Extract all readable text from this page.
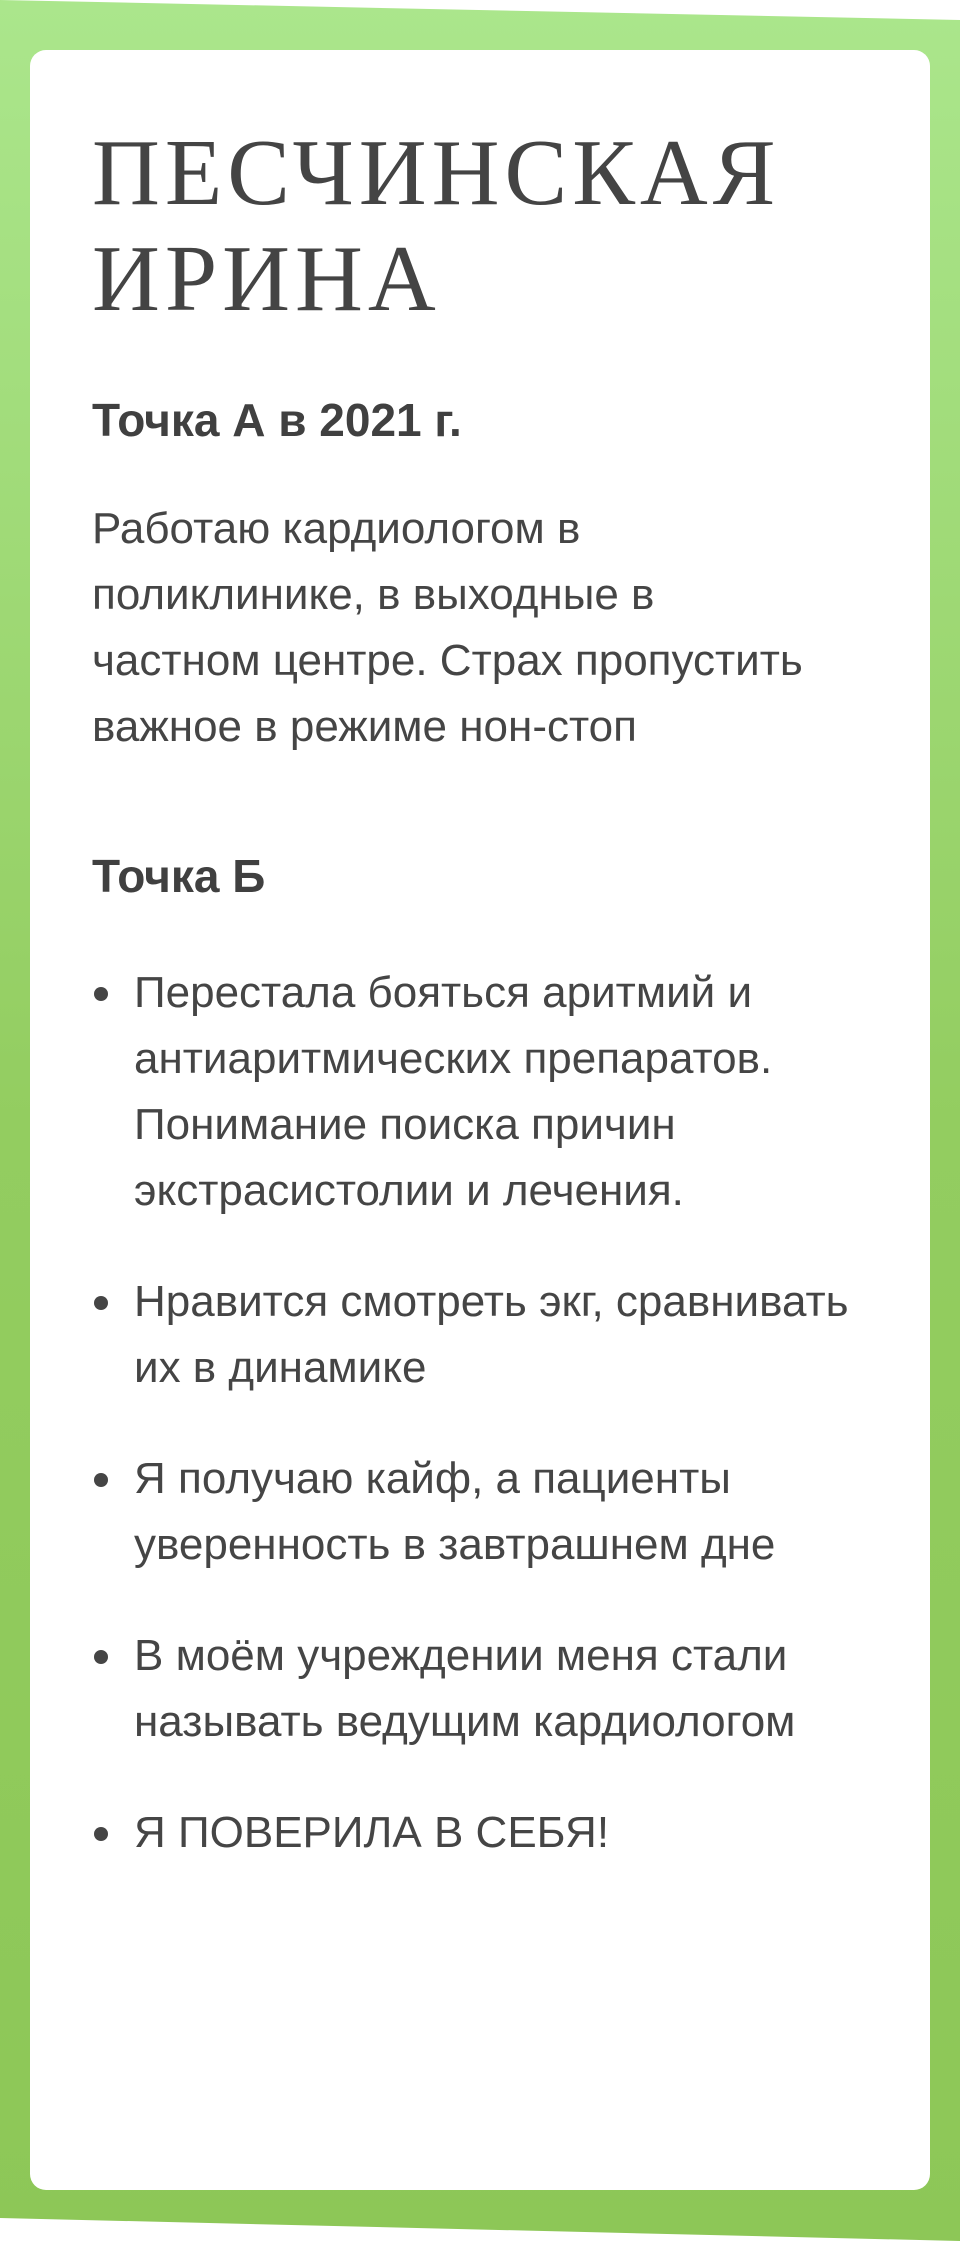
ПЕСЧИНСКАЯ ИРИНА
Точка А в 2021 г.

Работаю кардиологом в поликлинике, в выходные в частном центре. Страх пропустить важное в режиме нон-стоп

Точка Б
Перестала бояться аритмий и антиаритмических препаратов. Понимание поиска причин экстрасистолии и лечения.
Нравится смотреть экг, сравнивать их в динамике
Я получаю кайф, а пациенты уверенность в завтрашнем дне
В моём учреждении меня стали называть ведущим кардиологом
Я ПОВЕРИЛА В СЕБЯ!
